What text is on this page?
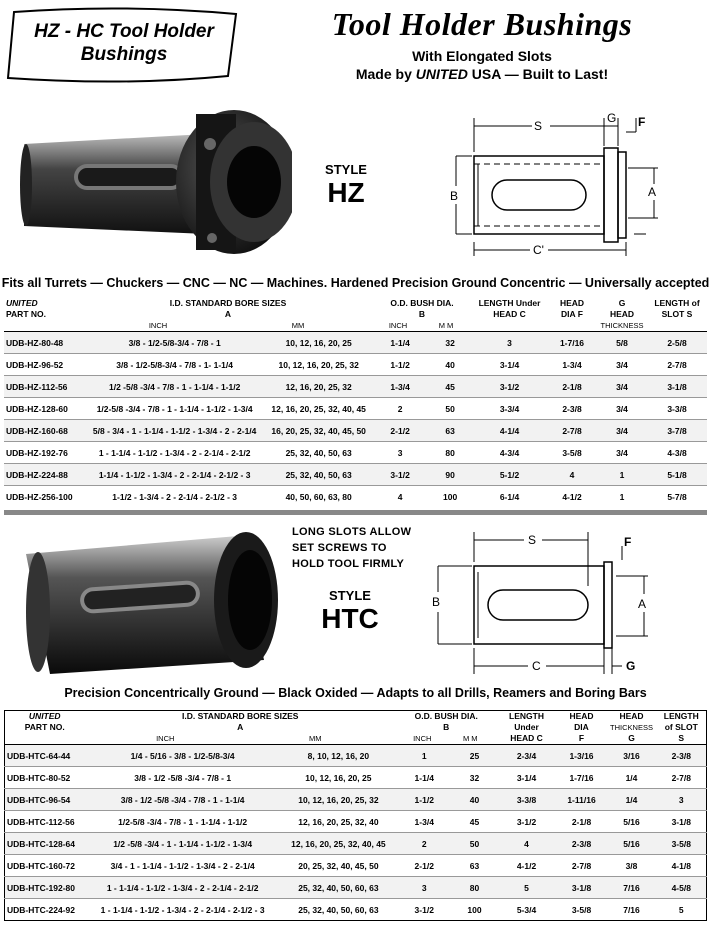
HZ - HC Tool Holder
Bushings
Tool Holder Bushings
With Elongated Slots
Made by UNITED USA — Built to Last!
STYLE
HZ
S
G F
B	A
C'
Fits all Turrets — Chuckers — CNC — NC — Machines. Hardened Precision Ground Concentric — Universally accepted
UNITED
PART NO.	I.D. STANDARD BORE SIZES
A
INCH MM		O.D. BUSH DIA.
B
INCH M M		LENGTH Under
HEAD C	HEAD
DIA F	G
HEAD
THICKNESS	LENGTH of
SLOT S
UDB-HZ-80-48	3/8 - 1/2-5/8-3/4 - 7/8 - 1	10, 12, 16, 20, 25	1-1/4	32	3	1-7/16	5/8	2-5/8
UDB-HZ-96-52	3/8 - 1/2-5/8-3/4 - 7/8 - 1- 1-1/4	10, 12, 16, 20, 25, 32	1-1/2	40	3-1/4	1-3/4	3/4	2-7/8
UDB-HZ-112-56	1/2 -5/8 -3/4 - 7/8 - 1 - 1-1/4 - 1-1/2	12, 16, 20, 25, 32	1-3/4	45	3-1/2	2-1/8	3/4	3-1/8
UDB-HZ-128-60	1/2-5/8 -3/4 - 7/8 - 1 - 1-1/4 - 1-1/2 - 1-3/4	12, 16, 20, 25, 32, 40, 45	2	50	3-3/4	2-3/8	3/4	3-3/8
UDB-HZ-160-68	5/8 - 3/4 - 1 - 1-1/4 - 1-1/2 - 1-3/4 - 2 - 2-1/4	16, 20, 25, 32, 40, 45, 50	2-1/2	63	4-1/4	2-7/8	3/4	3-7/8
UDB-HZ-192-76	1 - 1-1/4 - 1-1/2 - 1-3/4 - 2 - 2-1/4 - 2-1/2	25, 32, 40, 50, 63	3	80	4-3/4	3-5/8	3/4	4-3/8
UDB-HZ-224-88	1-1/4 - 1-1/2 - 1-3/4 - 2 - 2-1/4 - 2-1/2 - 3	25, 32, 40, 50, 63	3-1/2	90	5-1/2	4	1	5-1/8
UDB-HZ-256-100	1-1/2 - 1-3/4 - 2 - 2-1/4 - 2-1/2 - 3	40, 50, 60, 63, 80	4	100	6-1/4	4-1/2	1	5-7/8
LONG SLOTS ALLOW
SET SCREWS TO
HOLD TOOL FIRMLY
STYLE
HTC
S	F
B	A
C	G
Precision Concentrically Ground — Black Oxided — Adapts to all Drills, Reamers and Boring Bars
UNITED
PART NO.	I.D. STANDARD BORE SIZES
A
INCH MM		O.D. BUSH DIA.
B
INCH M M		LENGTH
Under
HEAD C	HEAD
DIA
F	HEAD
THICKNESS
G	LENGTH
of SLOT
S
UDB-HTC-64-44	1/4 - 5/16 - 3/8 - 1/2-5/8-3/4	8, 10, 12, 16, 20	1	25	2-3/4	1-3/16	3/16	2-3/8
UDB-HTC-80-52	3/8 - 1/2 -5/8 -3/4 - 7/8 - 1	10, 12, 16, 20, 25	1-1/4	32	3-1/4	1-7/16	1/4	2-7/8
UDB-HTC-96-54	3/8 - 1/2 -5/8 -3/4 - 7/8 - 1 - 1-1/4	10, 12, 16, 20, 25, 32	1-1/2	40	3-3/8	1-11/16	1/4	3
UDB-HTC-112-56	1/2-5/8 -3/4 - 7/8 - 1 - 1-1/4 - 1-1/2	12, 16, 20, 25, 32, 40	1-3/4	45	3-1/2	2-1/8	5/16	3-1/8
UDB-HTC-128-64	1/2 -5/8 -3/4 - 1 - 1-1/4 - 1-1/2 - 1-3/4	12, 16, 20, 25, 32, 40, 45	2	50	4	2-3/8	5/16	3-5/8
UDB-HTC-160-72	3/4 - 1 - 1-1/4 - 1-1/2 - 1-3/4 - 2 - 2-1/4	20, 25, 32, 40, 45, 50	2-1/2	63	4-1/2	2-7/8	3/8	4-1/8
UDB-HTC-192-80	1 - 1-1/4 - 1-1/2 - 1-3/4 - 2 - 2-1/4 - 2-1/2	25, 32, 40, 50, 60, 63	3	80	5	3-1/8	7/16	4-5/8
UDB-HTC-224-92	1 - 1-1/4 - 1-1/2 - 1-3/4 - 2 - 2-1/4 - 2-1/2 - 3	25, 32, 40, 50, 60, 63	3-1/2	100	5-3/4	3-5/8	7/16	5
